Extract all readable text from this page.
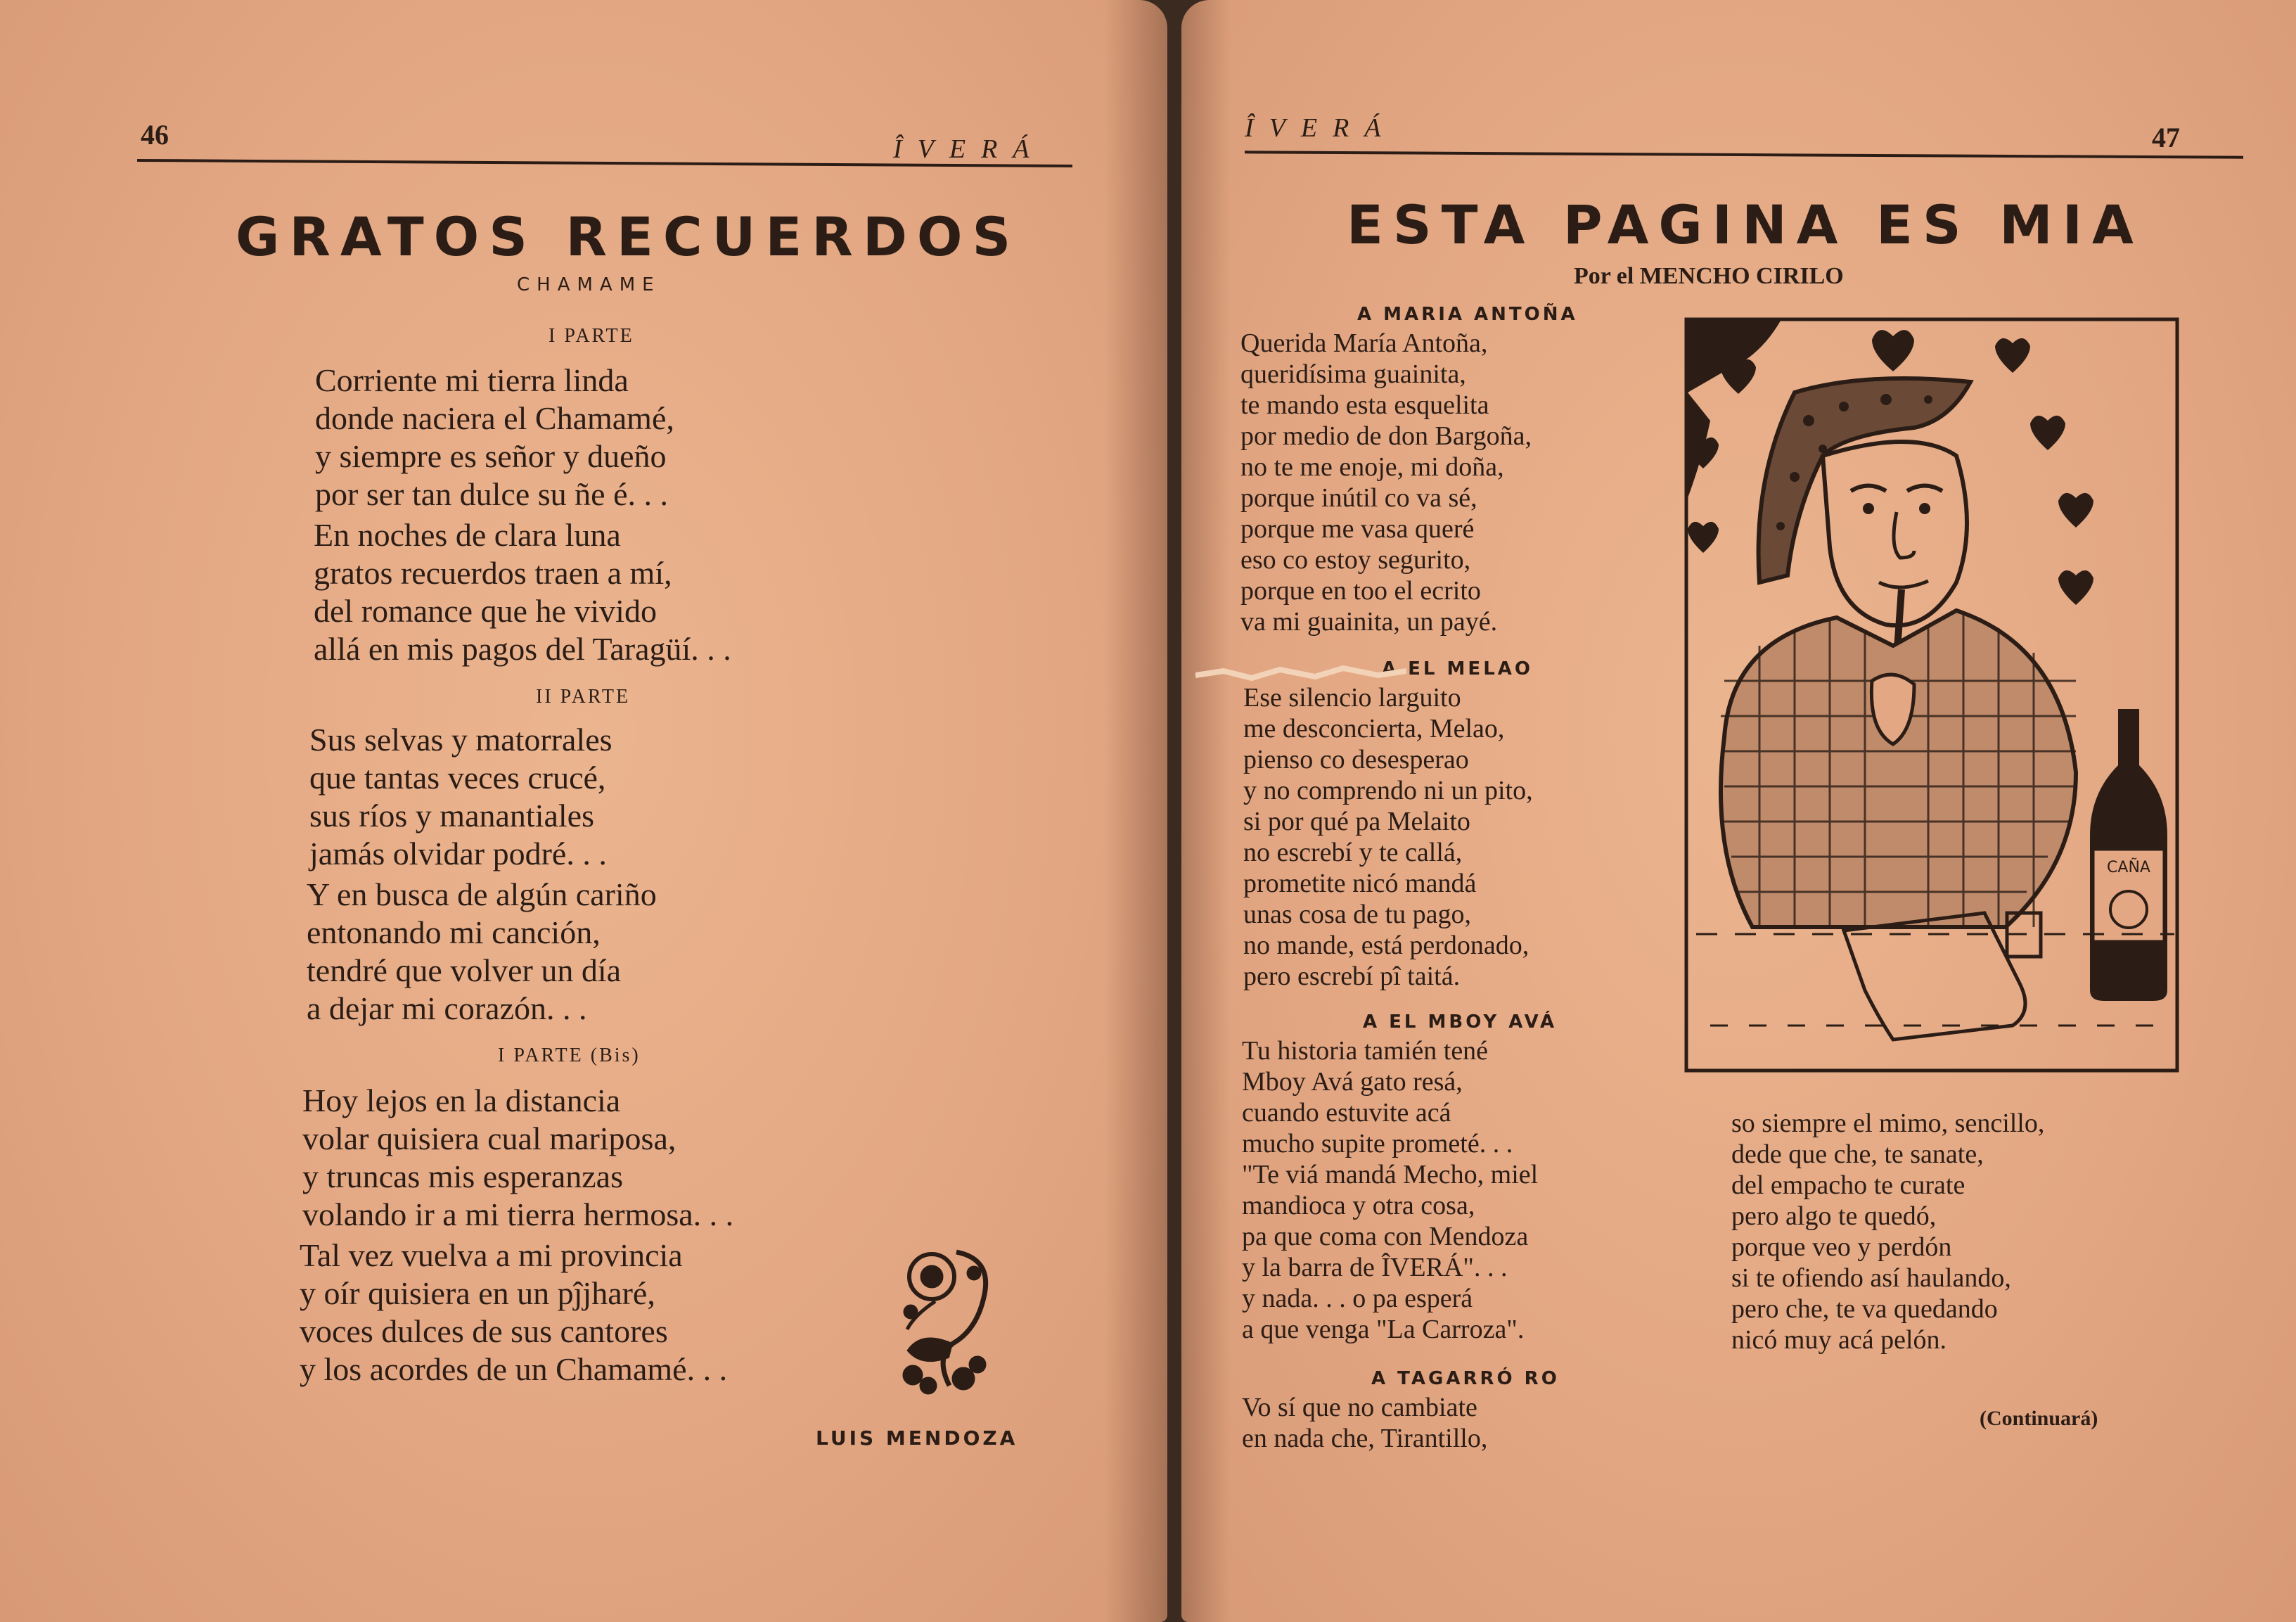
46	ÎVERÁ
GRATOS RECUERDOS
CHAMAME
I PARTE
Corriente mi tierra linda
donde naciera el Chamamé,
y siempre es señor y dueño
por ser tan dulce su ñe é. . .
En noches de clara luna
gratos recuerdos traen a mí,
del romance que he vivido
allá en mis pagos del Taragüí. . .
II PARTE
Sus selvas y matorrales
que tantas veces crucé,
sus ríos y manantiales
jamás olvidar podré. . .
Y en busca de algún cariño
entonando mi canción,
tendré que volver un día
a dejar mi corazón. . .
I PARTE (Bis)
Hoy lejos en la distancia
volar quisiera cual mariposa,
y truncas mis esperanzas
volando ir a mi tierra hermosa. . .
Tal vez vuelva a mi provincia
y oír quisiera en un pĵjharé,
voces dulces de sus cantores
y los acordes de un Chamamé. . .
LUIS MENDOZA
ÎVERÁ	47
ESTA PAGINA ES MIA
Por el MENCHO CIRILO
A MARIA ANTOÑA
Querida María Antoña,
queridísima guainita,
te mando esta esquelita
por medio de don Bargoña,
no te me enoje, mi doña,
porque inútil co va sé,
porque me vasa queré
eso co estoy segurito,
porque en too el ecrito
va mi guainita, un payé.
A EL MELAO
Ese silencio larguito
me desconcierta, Melao,
pienso co desesperao
y no comprendo ni un pito,
si por qué pa Melaito
no escrebí y te callá,
prometite nicó mandá
unas cosa de tu pago,
no mande, está perdonado,
pero escrebí pî taitá.
A EL MBOY AVÁ
Tu historia tamién tené
Mboy Avá gato resá,
cuando estuvite acá
mucho supite prometé. . .
"Te viá mandá Mecho, miel
mandioca y otra cosa,
pa que coma con Mendoza
y la barra de ÎVERÁ". . .
y nada. . . o pa esperá
a que venga "La Carroza".
A TAGARRÓ RO
Vo sí que no cambiate
en nada che, Tirantillo,
so siempre el mimo, sencillo,
dede que che, te sanate,
del empacho te curate
pero algo te quedó,
porque veo y perdón
si te ofiendo así haulando,
pero che, te va quedando
nicó muy acá pelón.
(Continuará)
CAÑA
